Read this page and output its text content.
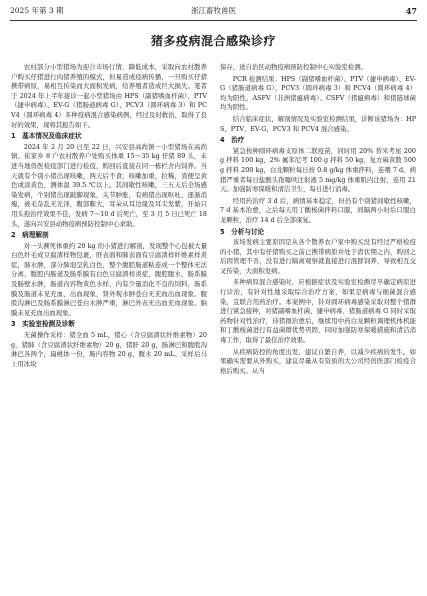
2025 年第 3 期	浙江畜牧兽医	47
猪多疫病混合感染诊疗

农村部分小型猪场为迎合市场行情，降低成本，采取向农村散养户购买仔猪进行肉猪养殖的模式，但易造成疫病传播，一旦购买仔猪携带病原，易相互传染而大面积发病，给养殖者造成巨大损失。笔者于 2024 年上半年接诊一起小型猪场由 HPS（副猪嗜血杆菌）、PTV（捷申病毒）、EV-G（猪肠道病毒 G）、PCV3（圆环病毒 3）和 PCV4（圆环病毒 4）多种疫病混合感染病例，经过及时救治，取得了良好的效果，现将其报告如下。

1　基本情况及临床症状

2024 年 2 月 20 日至 22 日，兴安县高尚镇一小型猪场在高尚镇、崔家乡 8 户农村散养户处购买体重 15～35 kg 仔猪 89 头，未进当地兽医检疫部门进行检疫，购回后直接在同一栋栏舍内饲养。当天就有个别小猪出现咳嗽，两天后不食，咳嗽加重，拉稀，粪便呈黄色或淡黄色，测体温 39.5 ℃以上。其间歇性咳嗽，三五天后全场感染发病，个别猪出现跛脚现象，关节肿胀，有病猪出现呕吐、逐渐消瘦，被毛杂乱无光泽，腹部膨大，耳朵从耳边缘及耳尖发紫，开始只用头孢治疗效果不佳，发病 7～10 d 后死亡，至 3 月 5 日已死亡 18 头，遂向兴安县动物疫病预防控制中心求助。

2　病理解剖

对一头濒死体重约 20 kg 的小猪进行解剖，发现整个心包被大量白色纤毛或豆腐渣样物包裹，肝表面和肺表面有豆腐渣样纤维素样炎症，肺水肿，部分肺泡呈乳白色，整个腹腔肠道粘连成一个整体无法分离，腹腔内肠道及肠系膜有白色豆腐渣样炎症，腹腔腹水，肠系膜及肠壁水肿，肠道内容物黄色水样，内有少量消化不良的饲料，肠系膜及肠道未见充血、出血现象，肾外观水肿苍白无充血出血现象。腹股沟淋巴及肠系膜淋巴苍白水肿严重，淋巴外表无出血充血现象。脑膜未见充血出血现象。

3　实验室检测及诊断

无菌操作采样：猪全血 5 mL，猪心（含豆腐渣状纤维素物）20 g，猪肺（含豆腐渣状纤维素物）20 g，猪肝 20 g，肠淋巴和腹股沟淋巴各两个，扁桃体一份，肠内容物 20 g，腹水 20 mL。采样后马上用冰块

保存，送自治区动物疫病预防控制中心实验室检测。

PCR 检测结果：HPS（副猪嗜血杆菌）、PTV（捷申病毒）、EV-G（猪肠道病毒 G）、PCV3（圆环病毒 3）和 PCV4（圆环病毒 4）均为阳性，ASFV（非洲猪瘟病毒）、CSFV（猪瘟病毒）和猪链球菌均为阴性。

结合临床症状，解剖情况及实验室检测结果，诊断该猪场为：HPS、PTV、EV-G、PCV3 和 PCV4 混合感染。

4　治疗

紧急按种圆环病毒支原体二联疫苗，同时用 20% 替米考星 200 g 拌料 100 kg，2% 氟苯尼考 100 g 拌料 50 kg，复方麻黄散 500 g 拌料 200 kg，白龙颗粒每日按 0.8 g/kg 体重拌料，连喂 7 d。病猪严重者每日盐酸头孢噻呋注射液 5 mg/kg 体重肌内注射，连用 21 天。加强防寒保暖和清洁卫生，每日进行消毒。

经用药治疗 3 d 后，病情基本稳定，但仍有个别猪间歇性咳嗽，7 d 基本治愈，之后每天用丁酸梭菌拌料口服，间隔两小时后口服白龙颗粒，治疗 14 d 后全部康复。

5　分析与讨论

该场发病主要原因是从各个散养农户家中购买没有经过严格检疫的小猪，其中有仔猪购买之前已携带病原并处于潜伏期之内，购回之后因管理不善，没有进行隔离观察就直接进行混群饲养，导致相互交叉传染，大面积发病。

多种病原混合感染时，应根据症状及实验室检测尽早确定病原进行诊治，有针对性地采取综合治疗方案，如果是病毒与细菌混合感染，宜联合用药治疗。本案例中，针对圆环病毒感染采取对整个猪群进行紧急接种，对猪副嗜血杆菌、捷申病毒、猪肠道病毒 G 同时采取药物针对性治疗，待猪群治愈后，继续用中药白龙颗粒调理机体机能和丁酸梭菌进行有益菌群优势巩固，同时加强防寒保暖措施和清洁消毒工作，取得了最佳治疗效果。

从疾病防控的角度出发，建议自繁自养，以减少疾病的发生。如果确实需要从外购买，建议尽量从有资质的大公司经兽医部门检疫合格后购买。从当
